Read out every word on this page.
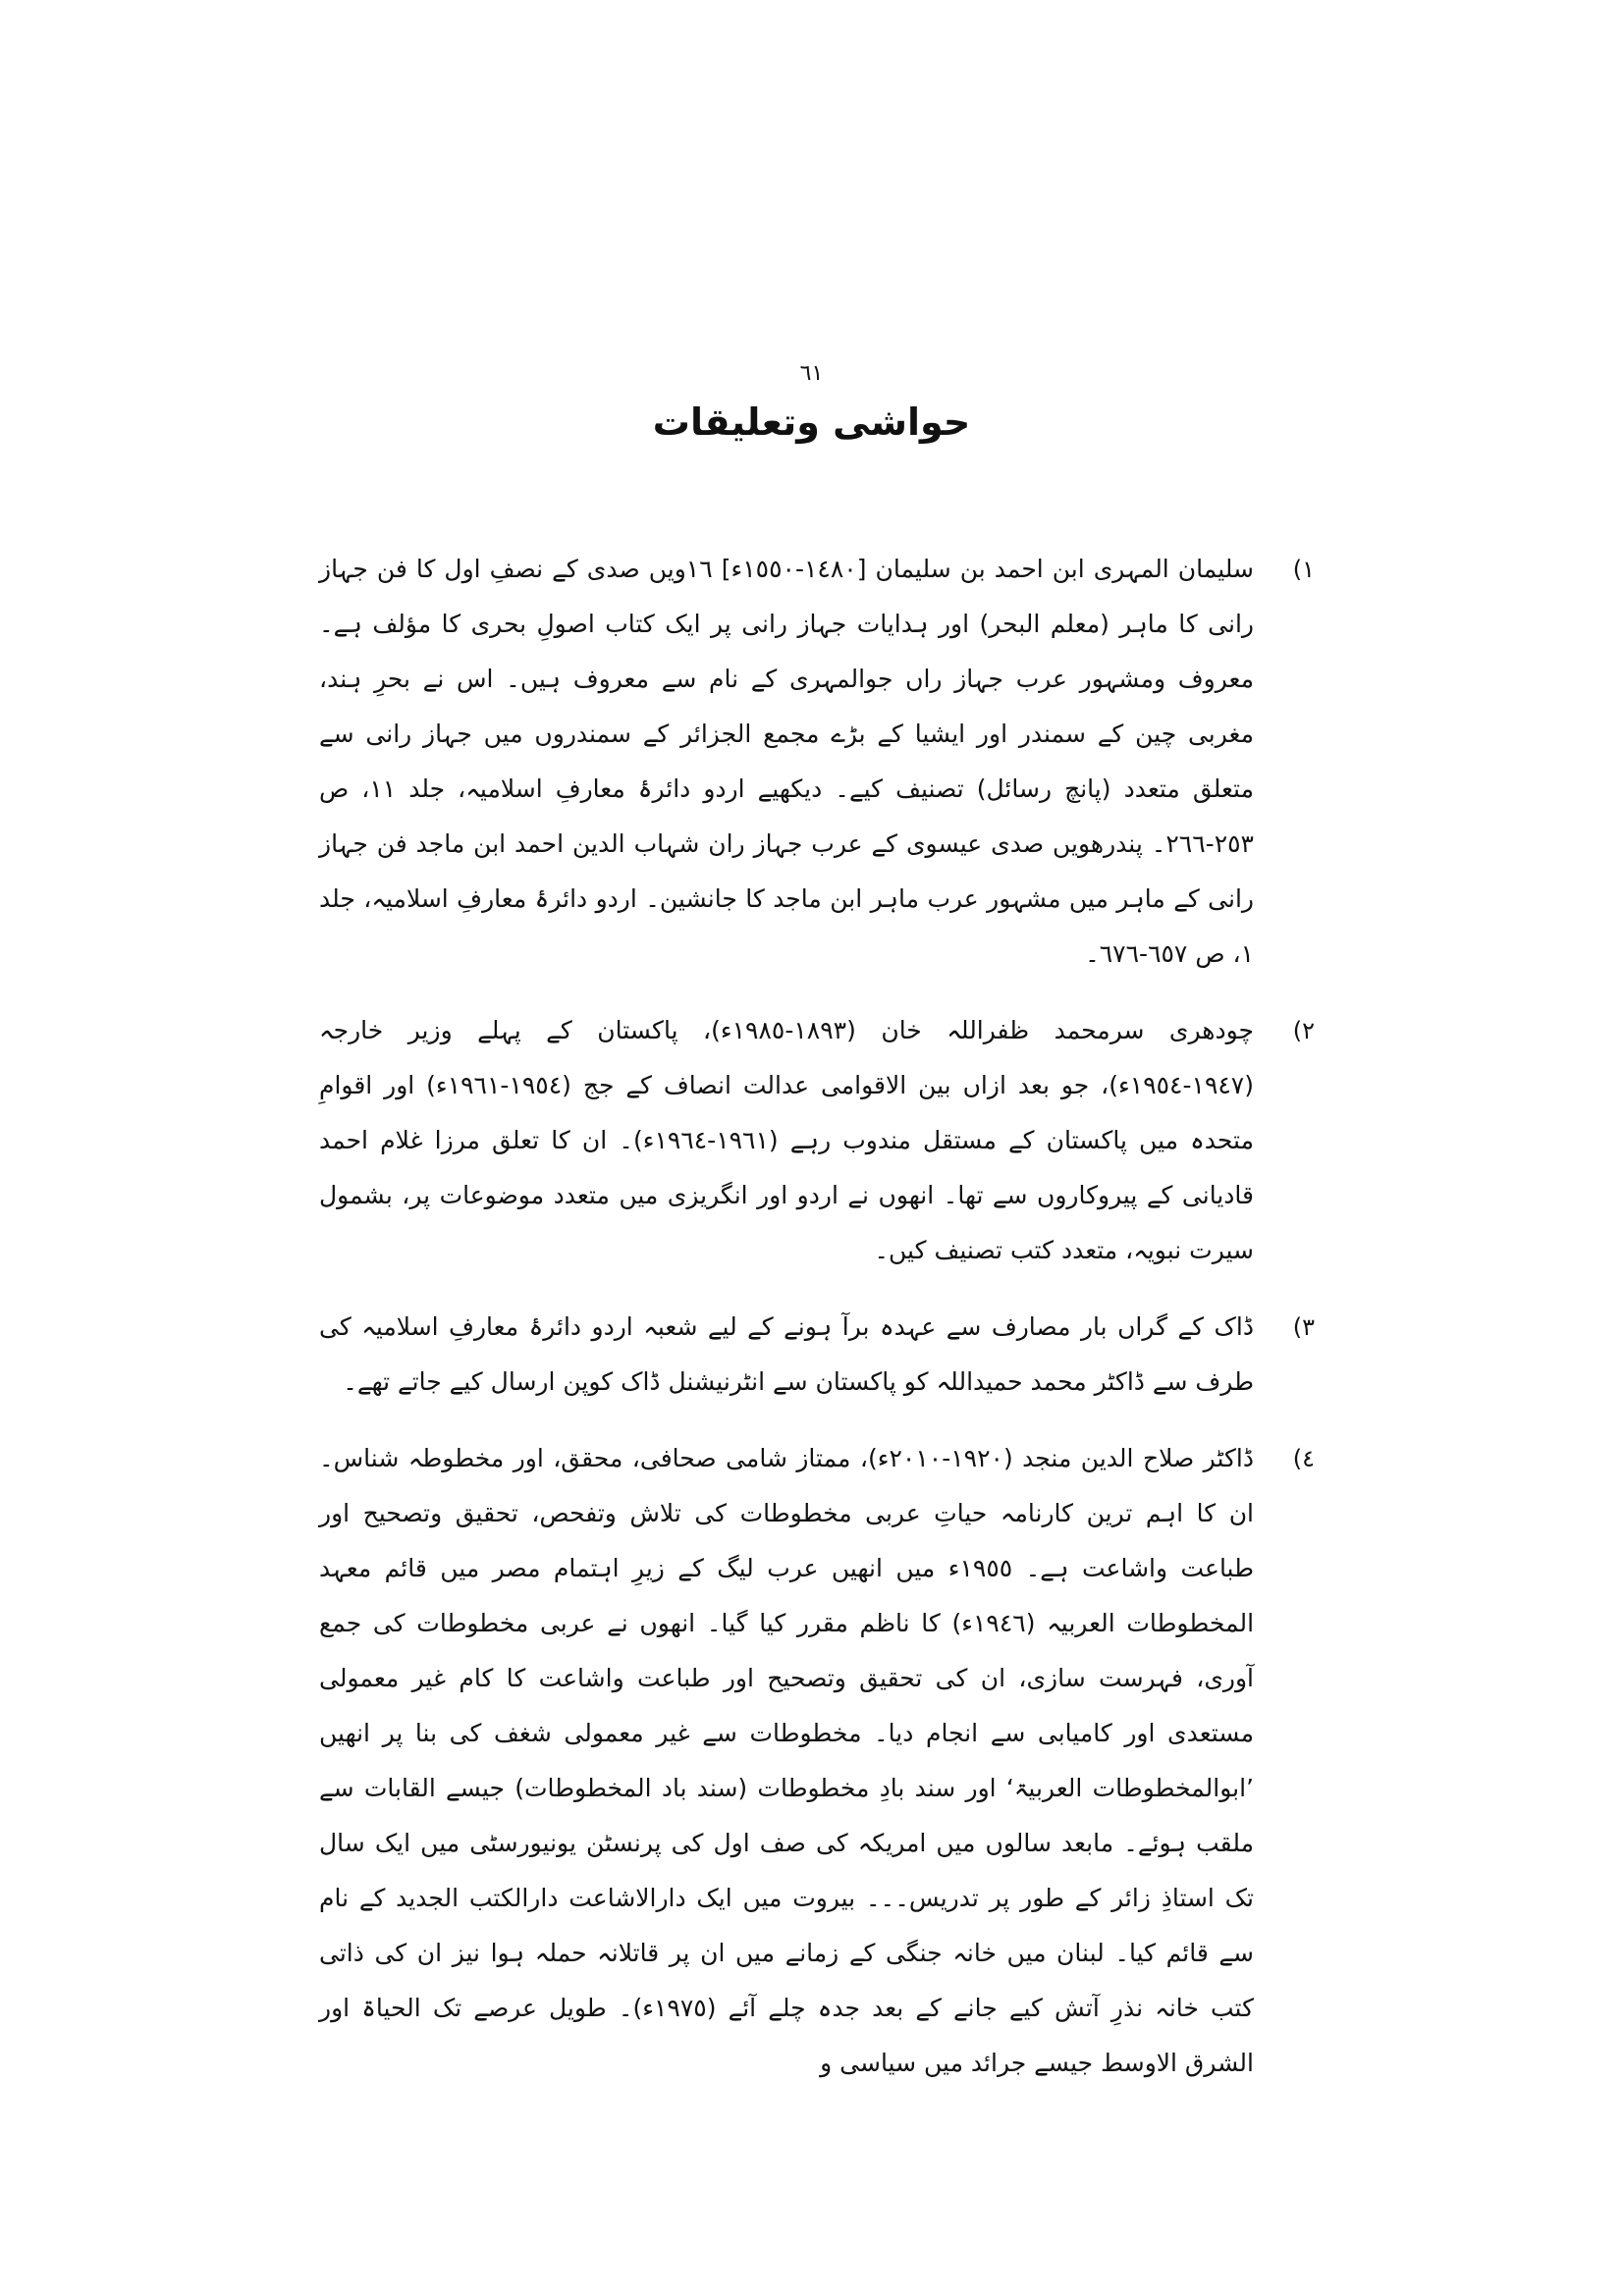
٦١
حواشی وتعلیقات
١)

سلیمان المہری ابن احمد بن سلیمان [١٤٨٠-١٥٥٠ء] ١٦ویں صدی کے نصفِ اول کا فن جہاز رانی کا ماہر (معلم البحر) اور ہدایات جہاز رانی پر ایک کتاب اصولِ بحری کا مؤلف ہے۔ معروف ومشہور عرب جہاز راں جوالمہری کے نام سے معروف ہیں۔ اس نے بحرِ ہند، مغربی چین کے سمندر اور ایشیا کے بڑے مجمع الجزائر کے سمندروں میں جہاز رانی سے متعلق متعدد (پانچ رسائل) تصنیف کیے۔ دیکھیے اردو دائرۂ معارفِ اسلامیہ، جلد ١١، ص ٢٥٣-٢٦٦۔ پندرھویں صدی عیسوی کے عرب جہاز ران شہاب الدین احمد ابن ماجد فن جہاز رانی کے ماہر میں مشہور عرب ماہر ابن ماجد کا جانشین۔ اردو دائرۂ معارفِ اسلامیہ، جلد ١، ص ٦٥٧-٦٧٦۔

٢)

چودھری سرمحمد ظفراللہ خان (١٨٩٣-١٩٨٥ء)، پاکستان کے پہلے وزیر خارجہ (١٩٤٧-١٩٥٤ء)، جو بعد ازاں بین الاقوامی عدالت انصاف کے جج (١٩٥٤-١٩٦١ء) اور اقوامِ متحدہ میں پاکستان کے مستقل مندوب رہے (١٩٦١-١٩٦٤ء)۔ ان کا تعلق مرزا غلام احمد قادیانی کے پیروکاروں سے تھا۔ انھوں نے اردو اور انگریزی میں متعدد موضوعات پر، بشمول سیرت نبویہ، متعدد کتب تصنیف کیں۔

٣)

ڈاک کے گراں بار مصارف سے عہدہ برآ ہونے کے لیے شعبہ اردو دائرۂ معارفِ اسلامیہ کی طرف سے ڈاکٹر محمد حمیداللہ کو پاکستان سے انٹرنیشنل ڈاک کوپن ارسال کیے جاتے تھے۔

٤)

ڈاکٹر صلاح الدین منجد (١٩٢٠-٢٠١٠ء)، ممتاز شامی صحافی، محقق، اور مخطوطہ شناس۔ ان کا اہم ترین کارنامہ حیاتِ عربی مخطوطات کی تلاش وتفحص، تحقیق وتصحیح اور طباعت واشاعت ہے۔ ١٩٥٥ء میں انھیں عرب لیگ کے زیرِ اہتمام مصر میں قائم معہد المخطوطات العربیہ (١٩٤٦ء) کا ناظم مقرر کیا گیا۔ انھوں نے عربی مخطوطات کی جمع آوری، فہرست سازی، ان کی تحقیق وتصحیح اور طباعت واشاعت کا کام غیر معمولی مستعدی اور کامیابی سے انجام دیا۔ مخطوطات سے غیر معمولی شغف کی بنا پر انھیں ’ابوالمخطوطات العربیۃ‘ اور سند بادِ مخطوطات (سند باد المخطوطات) جیسے القابات سے ملقب ہوئے۔ مابعد سالوں میں امریکہ کی صف اول کی پرنسٹن یونیورسٹی میں ایک سال تک استاذِ زائر کے طور پر تدریس۔۔۔ بیروت میں ایک دارالاشاعت دارالکتب الجدید کے نام سے قائم کیا۔ لبنان میں خانہ جنگی کے زمانے میں ان پر قاتلانہ حملہ ہوا نیز ان کی ذاتی کتب خانہ نذرِ آتش کیے جانے کے بعد جدہ چلے آئے (١٩٧٥ء)۔ طویل عرصے تک الحیاۃ اور الشرق الاوسط جیسے جرائد میں سیاسی و
